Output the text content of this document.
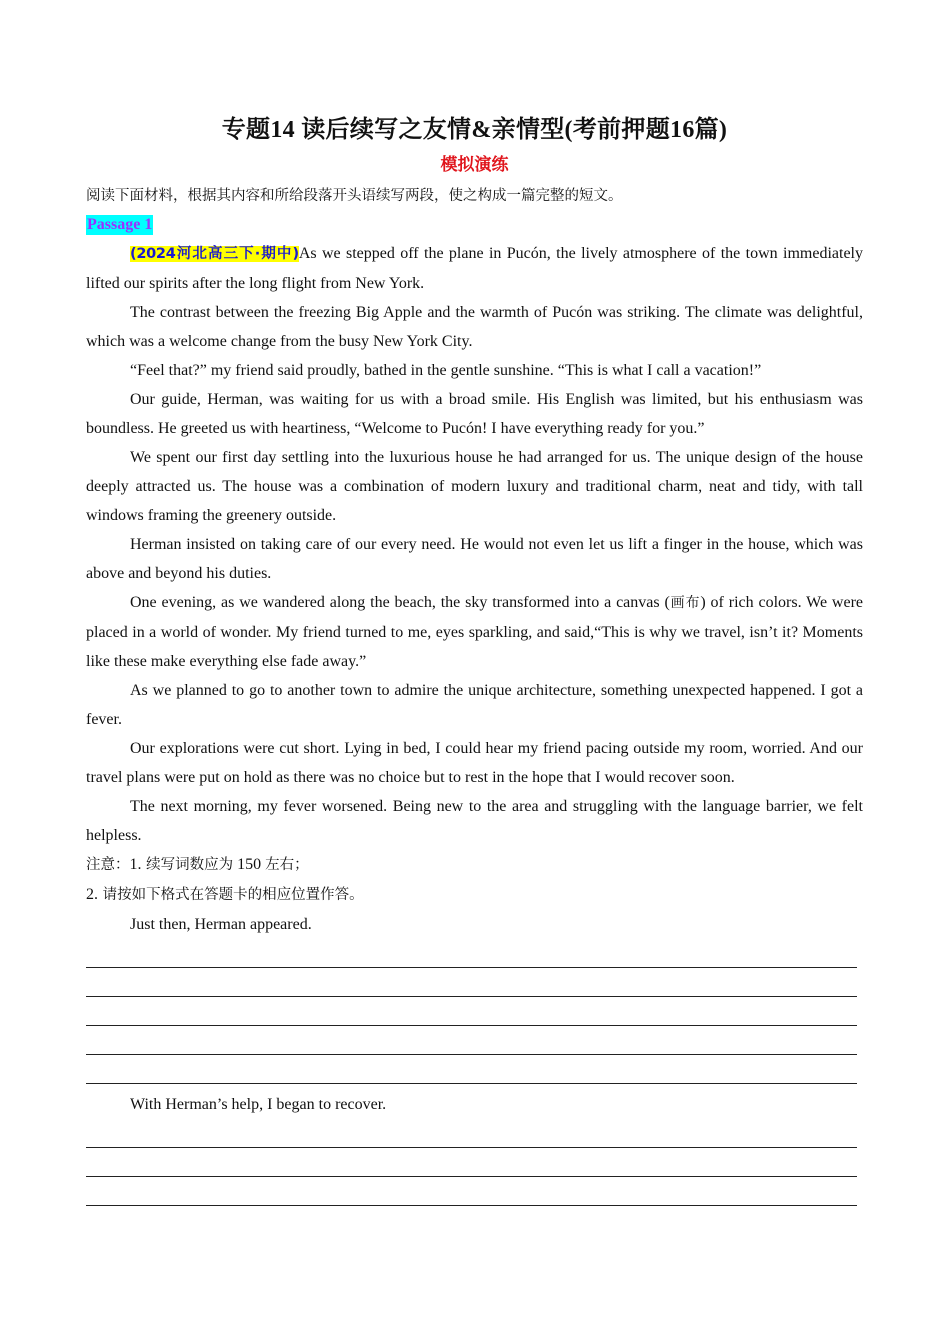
专题14 读后续写之友情&亲情型(考前押题16篇)
模拟演练
阅读下面材料，根据其内容和所给段落开头语续写两段，使之构成一篇完整的短文。
Passage 1

(2024河北高三下·期中)As we stepped off the plane in Pucón, the lively atmosphere of the town immediately lifted our spirits after the long flight from New York.

The contrast between the freezing Big Apple and the warmth of Pucón was striking. The climate was delightful, which was a welcome change from the busy New York City.

“Feel that?” my friend said proudly, bathed in the gentle sunshine. “This is what I call a vacation!”

Our guide, Herman, was waiting for us with a broad smile. His English was limited, but his enthusiasm was boundless. He greeted us with heartiness, “Welcome to Pucón! I have everything ready for you.”

We spent our first day settling into the luxurious house he had arranged for us. The unique design of the house deeply attracted us. The house was a combination of modern luxury and traditional charm, neat and tidy, with tall windows framing the greenery outside.

Herman insisted on taking care of our every need. He would not even let us lift a finger in the house, which was above and beyond his duties.

One evening, as we wandered along the beach, the sky transformed into a canvas (画布) of rich colors. We were placed in a world of wonder. My friend turned to me, eyes sparkling, and said,“This is why we travel, isn’t it? Moments like these make everything else fade away.”

As we planned to go to another town to admire the unique architecture, something unexpected happened. I got a fever.

Our explorations were cut short. Lying in bed, I could hear my friend pacing outside my room, worried. And our travel plans were put on hold as there was no choice but to rest in the hope that I would recover soon.

The next morning, my fever worsened. Being new to the area and struggling with the language barrier, we felt helpless.

注意：1. 续写词数应为 150 左右；
2. 请按如下格式在答题卡的相应位置作答。

Just then, Herman appeared.

With Herman’s help, I began to recover.
